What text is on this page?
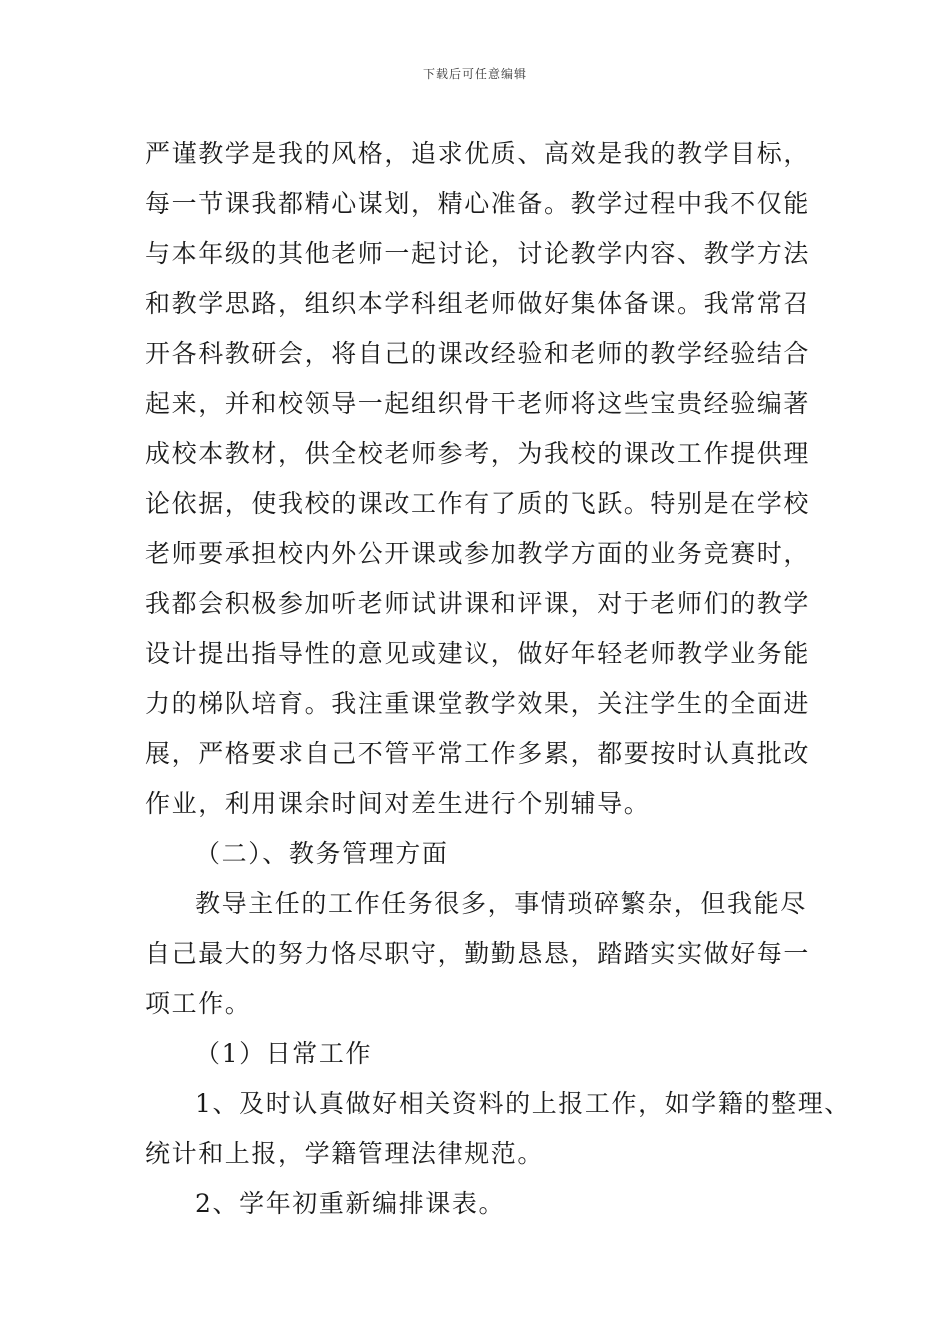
下载后可任意编辑
严谨教学是我的风格，追求优质、高效是我的教学目标，
每一节课我都精心谋划，精心准备。教学过程中我不仅能
与本年级的其他老师一起讨论，讨论教学内容、教学方法
和教学思路，组织本学科组老师做好集体备课。我常常召
开各科教研会，将自己的课改经验和老师的教学经验结合
起来，并和校领导一起组织骨干老师将这些宝贵经验编著
成校本教材，供全校老师参考，为我校的课改工作提供理
论依据，使我校的课改工作有了质的飞跃。特别是在学校
老师要承担校内外公开课或参加教学方面的业务竞赛时，
我都会积极参加听老师试讲课和评课，对于老师们的教学
设计提出指导性的意见或建议，做好年轻老师教学业务能
力的梯队培育。我注重课堂教学效果，关注学生的全面进
展，严格要求自己不管平常工作多累，都要按时认真批改
作业，利用课余时间对差生进行个别辅导。
（二）、教务管理方面
教导主任的工作任务很多，事情琐碎繁杂，但我能尽
自己最大的努力恪尽职守，勤勤恳恳，踏踏实实做好每一
项工作。
（1）日常工作
1、及时认真做好相关资料的上报工作，如学籍的整理、
统计和上报，学籍管理法律规范。
2、学年初重新编排课表。
